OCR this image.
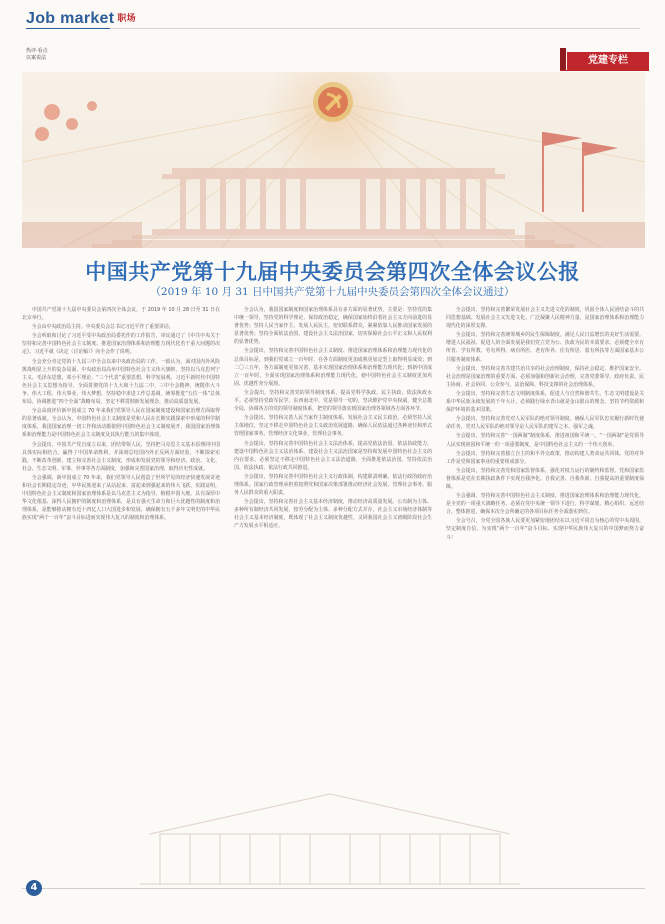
Job market $^{职场}$
热评·看点
以案说法	党建专栏
中国共产党第十九届中央委员会第四次全体会议公报
（2019 年 10 月 31 日中国共产党第十九届中央委员会第四次全体会议通过）

中国共产党第十九届中央委员会第四次全体会议，于 2019 年 10 月 28 日至 31 日在北京举行。

全会由中央政治局主持。中央委员会总书记习近平作了重要讲话。

全会听取和讨论了习近平受中央政治局委托作的工作报告，审议通过了《中共中央关于坚持和完善中国特色社会主义制度、推进国家治理体系和治理能力现代化若干重大问题的决定》。习近平就《决定（讨论稿）》向全会作了说明。

全会充分肯定党的十九届三中全会以来中央政治局的工作。一致认为，面对国内外风险挑战明显上升的复杂局面，中央政治局高举中国特色社会主义伟大旗帜，坚持以马克思列宁主义、毛泽东思想、邓小平理论、“三个代表”重要思想、科学发展观、习近平新时代中国特色社会主义思想为指导，全面贯彻党的十九大和十九届二中、三中全会精神，统揽伟大斗争、伟大工程、伟大事业、伟大梦想，坚持稳中求进工作总基调，统筹推进“五位一体”总体布局，协调推进“四个全面”战略布局，坚定不移贯彻新发展理念，推动高质量发展。

全会高度评价新中国成立 70 年来我们党领导人民在国家制度建设和国家治理方面取得的显著成就。全会认为，中国特色社会主义制度是党和人民在长期实践探索中形成的科学制度体系，我国国家治理一切工作和活动都依照中国特色社会主义制度展开，我国国家治理体系和治理能力是中国特色社会主义制度及其执行能力的集中体现。

全会提出，中国共产党自成立以来，团结带领人民，坚持把马克思主义基本原理同中国具体实际相结合，赢得了中国革命胜利，并深刻总结国内外正反两方面经验，不断探索实践，不断改革创新，建立和完善社会主义制度，形成和发展党的领导和经济、政治、文化、社会、生态文明、军事、外事等各方面制度，加强和完善国家治理，取得历史性成就。

全会强调，新中国成立 70 年来，我们党领导人民创造了世所罕见的经济快速发展奇迹和社会长期稳定奇迹，中华民族迎来了从站起来、富起来到强起来的伟大飞跃。实践证明，中国特色社会主义制度和国家治理体系是以马克思主义为指导、植根中国大地、具有深厚中华文化根基、深得人民拥护的制度和治理体系，是具有强大生命力和巨大优越性的制度和治理体系，是能够推动拥有近十四亿人口大国进步和发展、确保拥有五千多年文明史的中华民族实现“两个一百年”奋斗目标进而实现伟大复兴的制度和治理体系。

全会认为，我国国家制度和国家治理体系具有多方面的显著优势，主要是：坚持党的集中统一领导，坚持党的科学理论，保持政治稳定，确保国家始终沿着社会主义方向前进的显著优势；坚持人民当家作主，发展人民民主，密切联系群众，紧紧依靠人民推动国家发展的显著优势；坚持全面依法治国，建设社会主义法治国家，切实保障社会公平正义和人民权利的显著优势。

全会提出，坚持和完善中国特色社会主义制度、推进国家治理体系和治理能力现代化的总体目标是，到我们党成立一百年时，在各方面制度更加成熟更加定型上取得明显成效；到二〇三五年，各方面制度更加完善，基本实现国家治理体系和治理能力现代化；到新中国成立一百年时，全面实现国家治理体系和治理能力现代化，使中国特色社会主义制度更加巩固、优越性充分展现。

全会提出，坚持和完善党的领导制度体系，提高党科学执政、民主执政、依法执政水平。必须坚持党政军民学、东西南北中，党是领导一切的，坚决维护党中央权威，健全总揽全局、协调各方的党的领导制度体系，把党的领导落实到国家治理各领域各方面各环节。

全会提出，坚持和完善人民当家作主制度体系，发展社会主义民主政治。必须坚持人民主体地位，坚定不移走中国特色社会主义政治发展道路，确保人民依法通过各种途径和形式管理国家事务，管理经济文化事业，管理社会事务。

全会提出，坚持和完善中国特色社会主义法治体系，提高党依法治国、依法执政能力。建设中国特色社会主义法治体系、建设社会主义法治国家是坚持和发展中国特色社会主义的内在要求。必须坚定不移走中国特色社会主义法治道路，全面推进依法治国，坚持依法治国、依法执政、依法行政共同推进。

全会提出，坚持和完善中国特色社会主义行政体制，构建职责明确、依法行政的政府治理体系。国家行政管理承担着按照党和国家决策部署推动经济社会发展、管理社会事务、服务人民群众的重大职责。

全会提出，坚持和完善社会主义基本经济制度，推动经济高质量发展。公有制为主体、多种所有制经济共同发展，按劳分配为主体、多种分配方式并存，社会主义市场经济体制等社会主义基本经济制度，既体现了社会主义制度优越性，又同我国社会主义初级阶段社会生产力发展水平相适应。

全会提出，坚持和完善繁荣发展社会主义先进文化的制度，巩固全体人民团结奋斗的共同思想基础。发展社会主义先进文化、广泛凝聚人民精神力量，是国家治理体系和治理能力现代化的深厚支撑。

全会提出，坚持和完善统筹城乡的民生保障制度，满足人民日益增长的美好生活需要。增进人民福祉、促进人的全面发展是我们党立党为公、执政为民的本质要求。必须健全幸有所育、学有所教、劳有所得、病有所医、老有所养、住有所居、弱有所扶等方面国家基本公共服务制度体系。

全会提出，坚持和完善共建共治共享的社会治理制度，保持社会稳定、维护国家安全。社会治理是国家治理的重要方面。必须加强和创新社会治理，完善党委领导、政府负责、民主协商、社会协同、公众参与、法治保障、科技支撑的社会治理体系。

全会提出，坚持和完善生态文明制度体系，促进人与自然和谐共生。生态文明建设是关系中华民族永续发展的千年大计。必须践行绿水青山就是金山银山的理念，坚持节约资源和保护环境的基本国策。

全会提出，坚持和完善党对人民军队的绝对领导制度，确保人民军队忠实履行新时代使命任务。党对人民军队的绝对领导是人民军队的建军之本、强军之魂。

全会提出，坚持和完善“一国两制”制度体系，推进祖国和平统一。“一国两制”是党领导人民实现祖国和平统一的一项重要制度，是中国特色社会主义的一个伟大创举。

全会提出，坚持和完善独立自主的和平外交政策，推动构建人类命运共同体。党的对外工作是党和国家事业的重要组成部分。

全会提出，坚持和完善党和国家监督体系，强化对权力运行的制约和监督。党和国家监督体系是党在长期执政条件下实现自我净化、自我完善、自我革新、自我提高的重要制度保障。

全会强调，坚持和完善中国特色社会主义制度、推进国家治理体系和治理能力现代化，是全党的一项重大战略任务。必须在党中央统一领导下进行，科学谋划、精心组织，远近结合、整体推进，确保本次全会所确定的各项目标任务全面落实到位。

全会号召，全党全国各族人民要更加紧密地团结在以习近平同志为核心的党中央周围，坚定制度自信，为实现“两个一百年”奋斗目标、实现中华民族伟大复兴的中国梦而努力奋斗！

4
